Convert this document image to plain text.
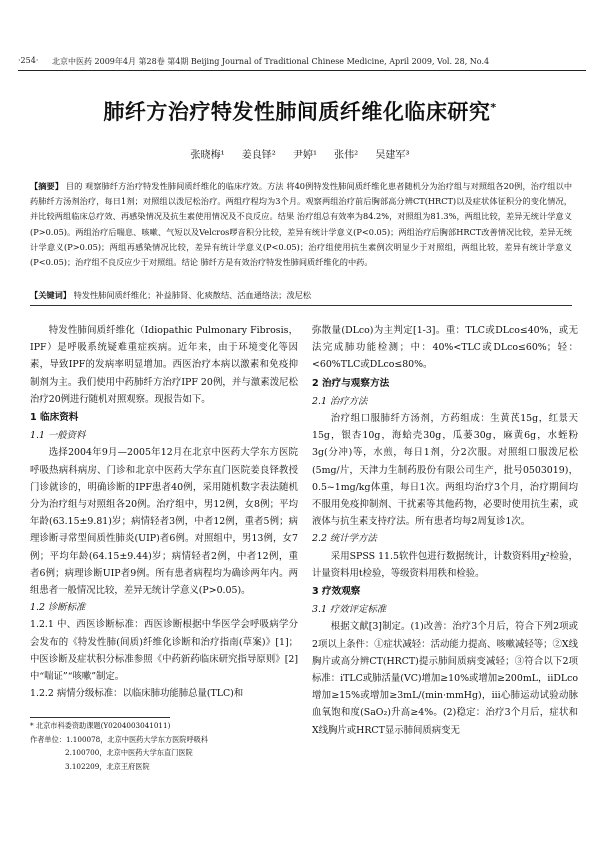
·254·	北京中医药 2009年4月 第28卷 第4期 Beijing Journal of Traditional Chinese Medicine, April 2009, Vol. 28, No.4
肺纤方治疗特发性肺间质纤维化临床研究*
张晓梅¹ 姜良铎² 尹婷¹ 张伟² 吴建军³
【摘要】 目的 观察肺纤方治疗特发性肺间质纤维化的临床疗效。方法 将40例特发性肺间质纤维化患者随机分为治疗组与对照组各20例，治疗组以中药肺纤方汤剂治疗，每日1剂；对照组以泼尼松治疗。两组疗程均为3个月。观察两组治疗前后胸部高分辨CT(HRCT)以及症状体征积分的变化情况，并比较两组临床总疗效、再感染情况及抗生素使用情况及不良反应。结果 治疗组总有效率为84.2%，对照组为81.3%，两组比较，差异无统计学意义(P>0.05)。两组治疗后喘息、咳嗽、气短以及Velcros啰音积分比较，差异有统计学意义(P<0.05)；两组治疗后胸部HRCT改善情况比较，差异无统计学意义(P>0.05)；两组再感染情况比较，差异有统计学意义(P<0.05)；治疗组使用抗生素例次明显少于对照组，两组比较，差异有统计学意义(P<0.05)；治疗组不良反应少于对照组。结论 肺纤方是有效治疗特发性肺间质纤维化的中药。
【关键词】 特发性肺间质纤维化；补益肺肾、化痰散结、活血通络法；泼尼松

特发性肺间质纤维化（Idiopathic Pulmonary Fibrosis，IPF）是呼吸系统疑难重症疾病。近年来，由于环境变化等因素，导致IPF的发病率明显增加。西医治疗本病以激素和免疫抑制剂为主。我们使用中药肺纤方治疗IPF 20例，并与激素泼尼松治疗20例进行随机对照观察。现报告如下。

1 临床资料

1.1 一般资料

选择2004年9月—2005年12月在北京中医药大学东方医院呼吸热病科病房、门诊和北京中医药大学东直门医院姜良铎教授门诊就诊的，明确诊断的IPF患者40例，采用随机数字表法随机分为治疗组与对照组各20例。治疗组中，男12例，女8例；平均年龄(63.15±9.81)岁；病情轻者3例，中者12例，重者5例；病理诊断寻常型间质性肺炎(UIP)者6例。对照组中，男13例，女7例；平均年龄(64.15±9.44)岁；病情轻者2例，中者12例，重者6例；病理诊断UIP者9例。所有患者病程均为确诊两年内。两组患者一般情况比较，差异无统计学意义(P>0.05)。

1.2 诊断标准

1.2.1 中、西医诊断标准：西医诊断根据中华医学会呼吸病学分会发布的《特发性肺(间质)纤维化诊断和治疗指南(草案)》[1]；中医诊断及症状积分标准参照《中药新药临床研究指导原则》[2]中“喘证”“咳嗽”制定。

1.2.2 病情分级标准：以临床肺功能肺总量(TLC)和

* 北京市科委资助课题(Y0204003041011)

作者单位：1.100078，北京中医药大学东方医院呼吸科

2.100700，北京中医药大学东直门医院

3.102209，北京王府医院

弥散量(DLco)为主判定[1-3]。重：TLC或DLco≤40%，或无法完成肺功能检测；中：40%<TLC或DLco≤60%；轻：<60%TLC或DLco≤80%。

2 治疗与观察方法

2.1 治疗方法

治疗组口服肺纤方汤剂，方药组成：生黄芪15g，红景天15g，银杏10g，海蛤壳30g，瓜蒌30g，麻黄6g，水蛭粉3g(分冲)等，水煎，每日1剂，分2次服。对照组口服泼尼松(5mg/片，天津力生制药股份有限公司生产，批号0503019)，0.5~1mg/kg体重，每日1次。两组均治疗3个月，治疗期间均不服用免疫抑制剂、干扰素等其他药物，必要时使用抗生素，或液体与抗生素支持疗法。所有患者均每2周复诊1次。

2.2 统计学方法

采用SPSS 11.5软件包进行数据统计，计数资料用χ²检验，计量资料用t检验，等级资料用秩和检验。

3 疗效观察

3.1 疗效评定标准

根据文献[3]制定。(1)改善：治疗3个月后，符合下列2项或2项以上条件：①症状减轻：活动能力提高、咳嗽减轻等；②X线胸片或高分辨CT(HRCT)提示肺间质病变减轻；③符合以下2项标准：ⅰTLC或肺活量(VC)增加≥10%或增加≥200mL，ⅱDLco增加≥15%或增加≥3mL/(min·mmHg)，ⅲ心肺运动试验动脉血氧饱和度(SaO₂)升高≥4%。(2)稳定：治疗3个月后，症状和X线胸片或HRCT显示肺间质病变无
